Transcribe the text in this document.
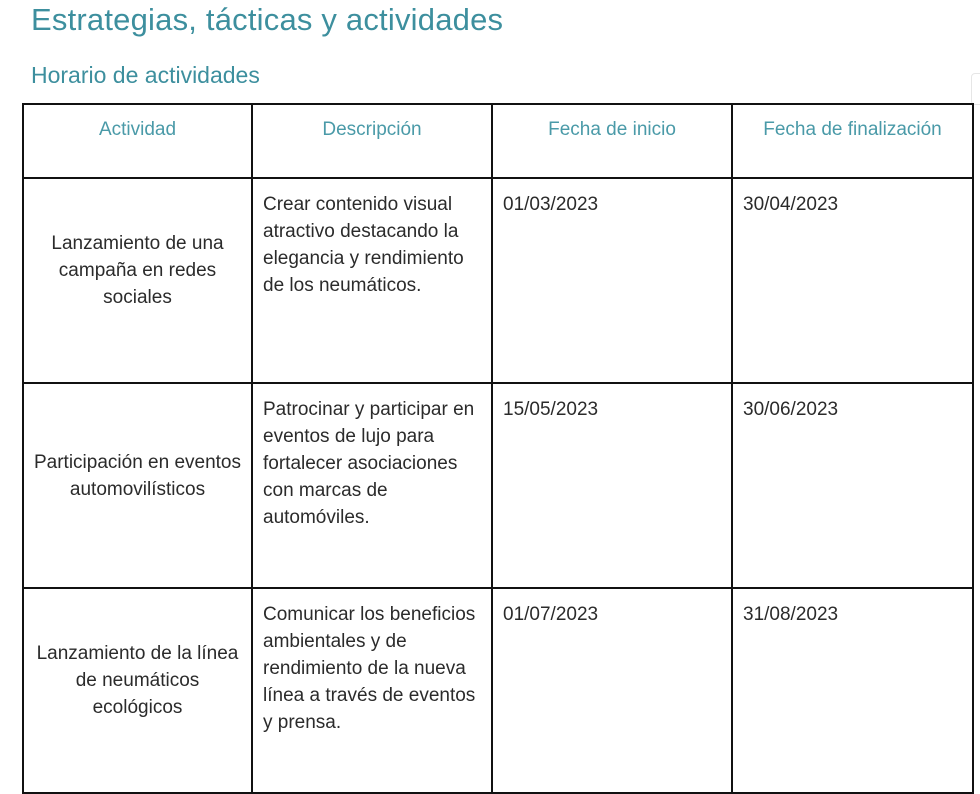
Estrategias, tácticas y actividades
Horario de actividades
Actividad	Descripción	Fecha de inicio	Fecha de finalización
Lanzamiento de una campaña en redes sociales	Crear contenido visual atractivo destacando la elegancia y rendimiento de los neumáticos.	01/03/2023	30/04/2023
Participación en eventos automovilísticos	Patrocinar y participar en eventos de lujo para fortalecer asociaciones con marcas de automóviles.	15/05/2023	30/06/2023
Lanzamiento de la línea de neumáticos ecológicos	Comunicar los beneficios ambientales y de rendimiento de la nueva línea a través de eventos y prensa.	01/07/2023	31/08/2023
